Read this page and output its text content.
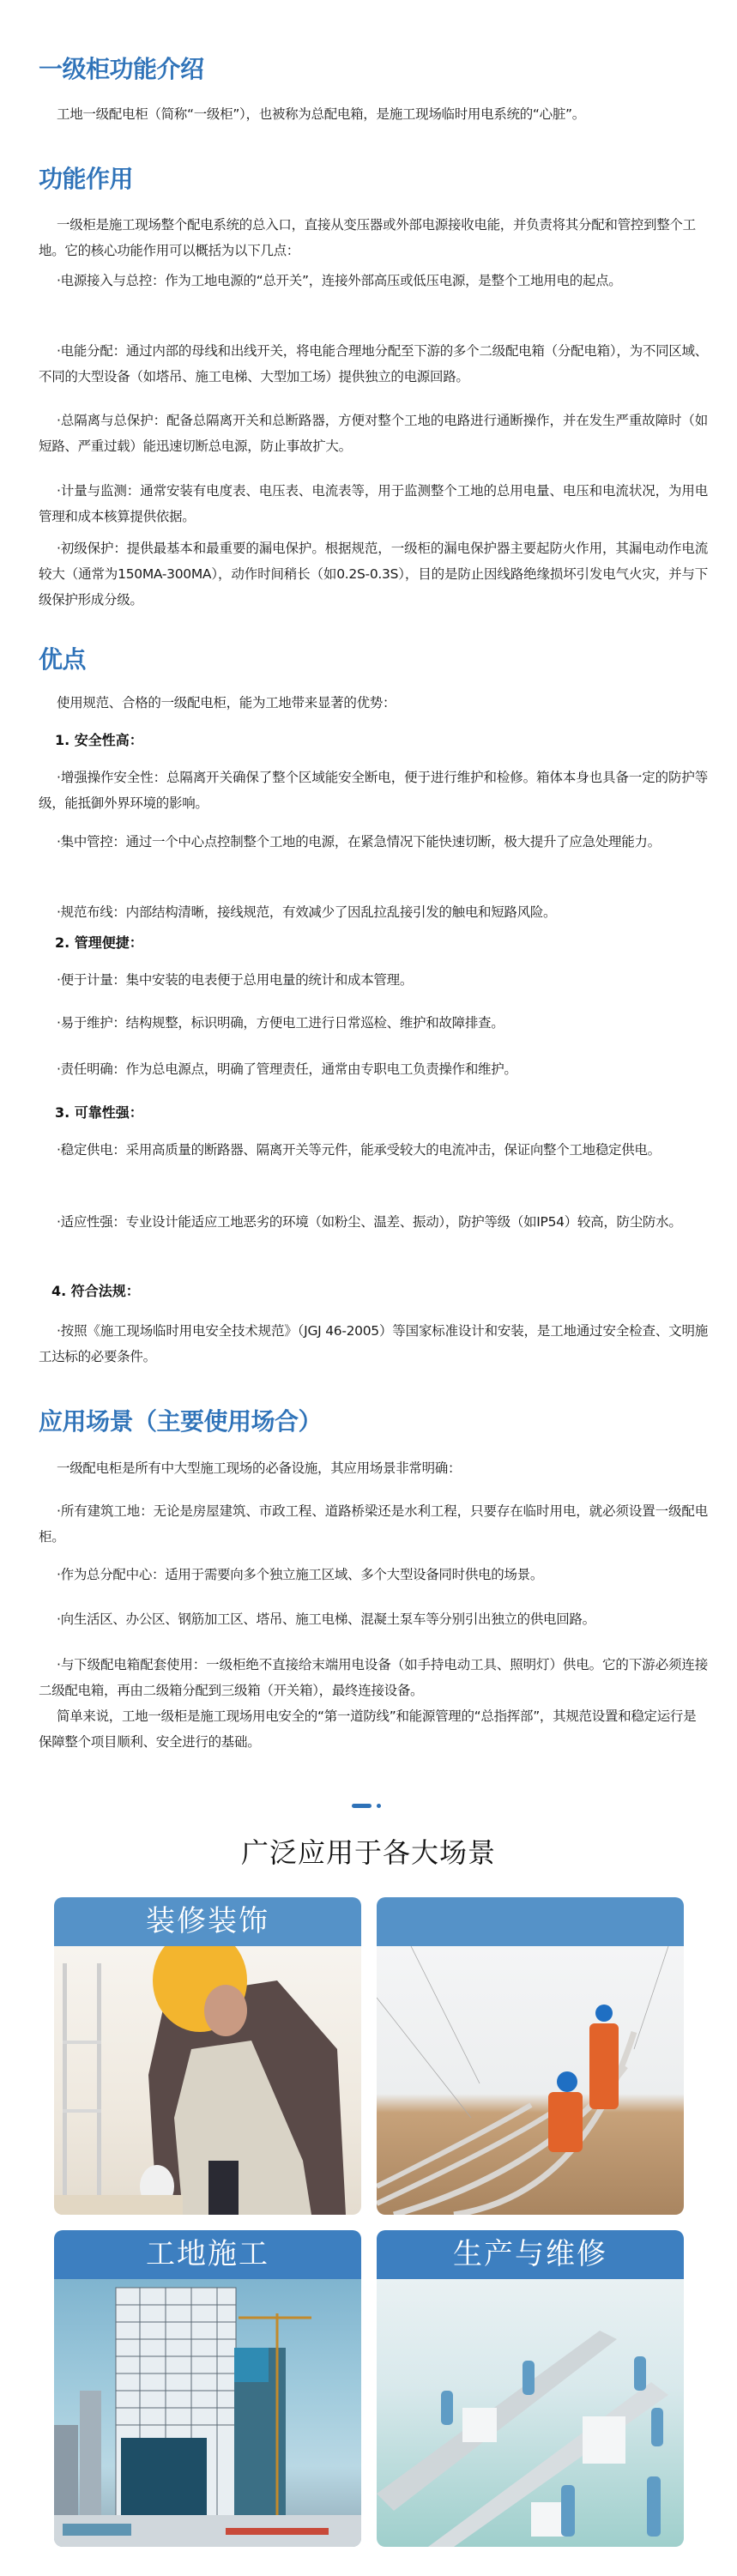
一级柜功能介绍

工地一级配电柜（简称“一级柜”），也被称为总配电箱，是施工现场临时用电系统的“心脏”。

功能作用

一级柜是施工现场整个配电系统的总入口，直接从变压器或外部电源接收电能，并负责将其分配和管控到整个工地。它的核心功能作用可以概括为以下几点：

·电源接入与总控：作为工地电源的“总开关”，连接外部高压或低压电源，是整个工地用电的起点。

·电能分配：通过内部的母线和出线开关，将电能合理地分配至下游的多个二级配电箱（分配电箱），为不同区域、不同的大型设备（如塔吊、施工电梯、大型加工场）提供独立的电源回路。

·总隔离与总保护：配备总隔离开关和总断路器，方便对整个工地的电路进行通断操作，并在发生严重故障时（如短路、严重过载）能迅速切断总电源，防止事故扩大。

·计量与监测：通常安装有电度表、电压表、电流表等，用于监测整个工地的总用电量、电压和电流状况，为用电管理和成本核算提供依据。

·初级保护：提供最基本和最重要的漏电保护。根据规范，一级柜的漏电保护器主要起防火作用，其漏电动作电流较大（通常为150MA-300MA），动作时间稍长（如0.2S-0.3S），目的是防止因线路绝缘损坏引发电气火灾，并与下级保护形成分级。

优点

使用规范、合格的一级配电柜，能为工地带来显著的优势：

1. 安全性高：

·增强操作安全性：总隔离开关确保了整个区域能安全断电，便于进行维护和检修。箱体本身也具备一定的防护等级，能抵御外界环境的影响。

·集中管控：通过一个中心点控制整个工地的电源，在紧急情况下能快速切断，极大提升了应急处理能力。

·规范布线：内部结构清晰，接线规范，有效减少了因乱拉乱接引发的触电和短路风险。

2. 管理便捷：

·便于计量：集中安装的电表便于总用电量的统计和成本管理。

·易于维护：结构规整，标识明确，方便电工进行日常巡检、维护和故障排查。

·责任明确：作为总电源点，明确了管理责任，通常由专职电工负责操作和维护。

3. 可靠性强：

·稳定供电：采用高质量的断路器、隔离开关等元件，能承受较大的电流冲击，保证向整个工地稳定供电。

·适应性强：专业设计能适应工地恶劣的环境（如粉尘、温差、振动），防护等级（如IP54）较高，防尘防水。

4. 符合法规：

·按照《施工现场临时用电安全技术规范》（JGJ 46-2005）等国家标准设计和安装，是工地通过安全检查、文明施工达标的必要条件。

应用场景（主要使用场合）

一级配电柜是所有中大型施工现场的必备设施，其应用场景非常明确：

·所有建筑工地：无论是房屋建筑、市政工程、道路桥梁还是水利工程，只要存在临时用电，就必须设置一级配电柜。

·作为总分配中心：适用于需要向多个独立施工区域、多个大型设备同时供电的场景。

·向生活区、办公区、钢筋加工区、塔吊、施工电梯、混凝土泵车等分别引出独立的供电回路。

·与下级配电箱配套使用：一级柜绝不直接给末端用电设备（如手持电动工具、照明灯）供电。它的下游必须连接二级配电箱，再由二级箱分配到三级箱（开关箱），最终连接设备。

简单来说，工地一级柜是施工现场用电安全的“第一道防线”和能源管理的“总指挥部”，其规范设置和稳定运行是保障整个项目顺利、安全进行的基础。

广泛应用于各大场景
装修装饰
工地施工	生产与维修
